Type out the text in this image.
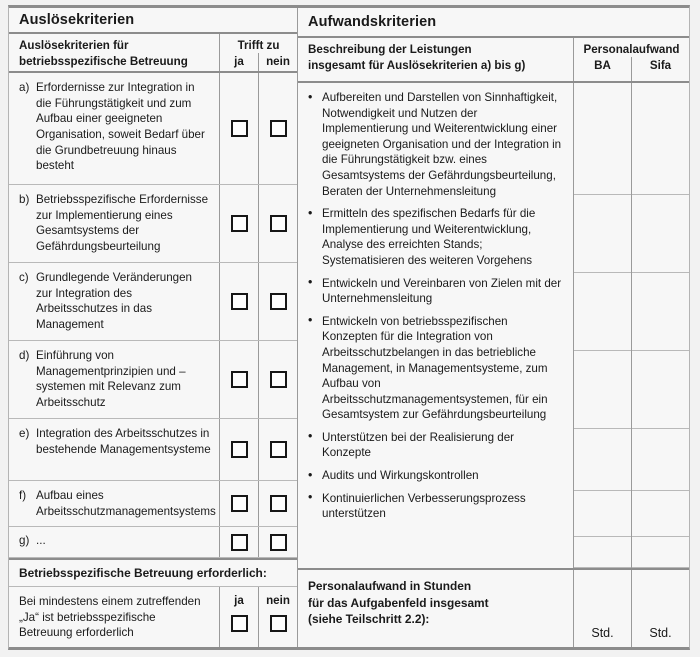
Auslösekriterien
Auslösekriterien für
betriebsspezifische Betreuung
Trifft zu
ja	nein
a) Erfordernisse zur Integration in die Führungstätigkeit und zum Aufbau einer geeigneten Organisation, soweit Bedarf über die Grundbetreuung hinaus besteht
b) Betriebsspezifische Erfordernisse zur Implementierung eines Gesamtsystems der Gefährdungsbeurteilung
c) Grundlegende Veränderungen zur Integration des Arbeitsschutzes in das Management
d) Einführung von Managementprinzipien und –systemen mit Relevanz zum Arbeitsschutz
e) Integration des Arbeitsschutzes in bestehende Managementsysteme
f) Aufbau eines Arbeitsschutzmanagementsystems
g) ...
Betriebsspezifische Betreuung erforderlich:
Bei mindestens einem zutreffenden „Ja“ ist betriebsspezifische Betreuung erforderlich
ja nein
Aufwandskriterien
Beschreibung der Leistungen
insgesamt für Auslösekriterien a) bis g)
Personalaufwand
BA	Sifa
• Aufbereiten und Darstellen von Sinnhaftigkeit, Notwendigkeit und Nutzen der Implementierung und Weiterentwicklung einer geeigneten Organisation und der Integration in die Führungstätigkeit bzw. eines Gesamtsystems der Gefährdungsbeurteilung, Beraten der Unternehmensleitung
• Ermitteln des spezifischen Bedarfs für die Implementierung und Weiterentwicklung, Analyse des erreichten Stands; Systematisieren des weiteren Vorgehens
• Entwickeln und Vereinbaren von Zielen mit der Unternehmensleitung
• Entwickeln von betriebsspezifischen Konzepten für die Integration von Arbeitsschutzbelangen in das betriebliche Management, in Managementsysteme, zum Aufbau von Arbeitsschutzmanagementsystemen, für ein Gesamtsystem zur Gefährdungsbeurteilung
• Unterstützen bei der Realisierung der Konzepte
• Audits und Wirkungskontrollen
• Kontinuierlichen Verbesserungsprozess unterstützen
Personalaufwand in Stunden
für das Aufgabenfeld insgesamt
(siehe Teilschritt 2.2):
Std.	Std.
